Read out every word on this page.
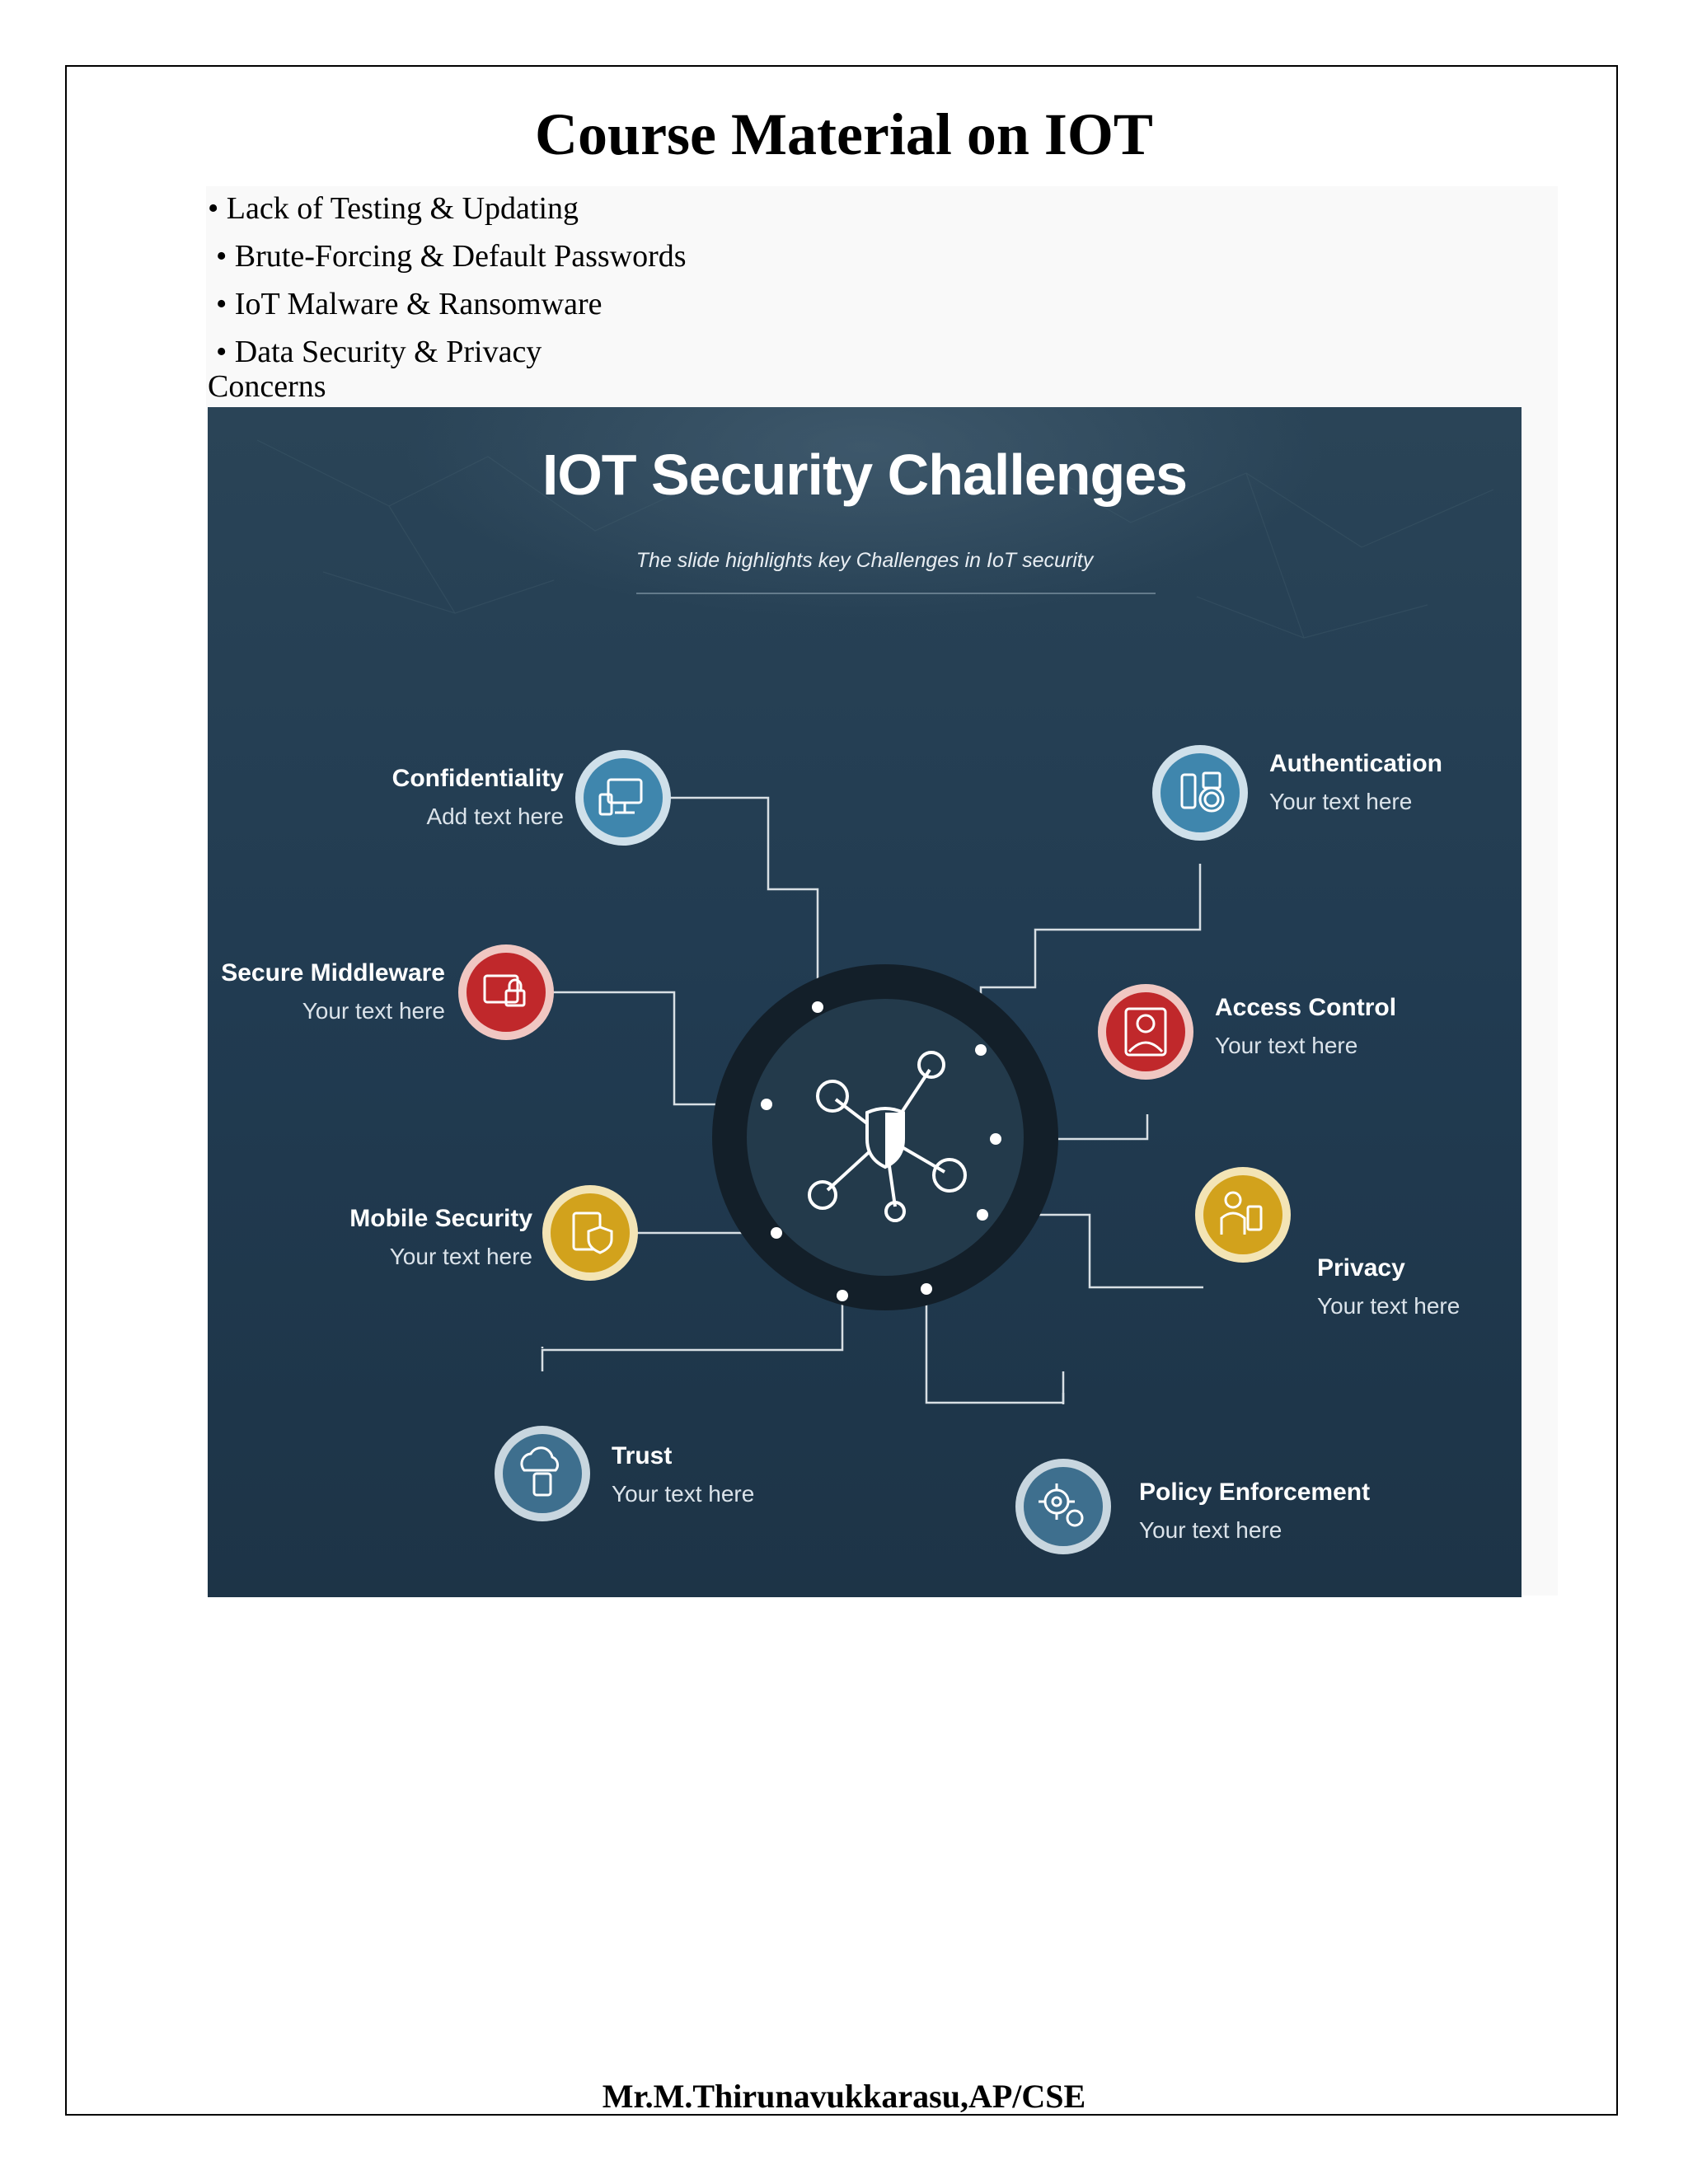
Course Material on IOT
• Lack of Testing & Updating
• Brute-Forcing & Default Passwords
• IoT Malware & Ransomware
• Data Security & Privacy

Concerns

IOT Security Challenges
The slide highlights key Challenges in IoT security
Confidentiality
Add text here
Secure Middleware
Your text here
Mobile Security
Your text here
Trust
Your text here
Authentication
Your text here
Access Control
Your text here
Privacy
Your text here
Policy Enforcement
Your text here
Mr.M.Thirunavukkarasu,AP/CSE
